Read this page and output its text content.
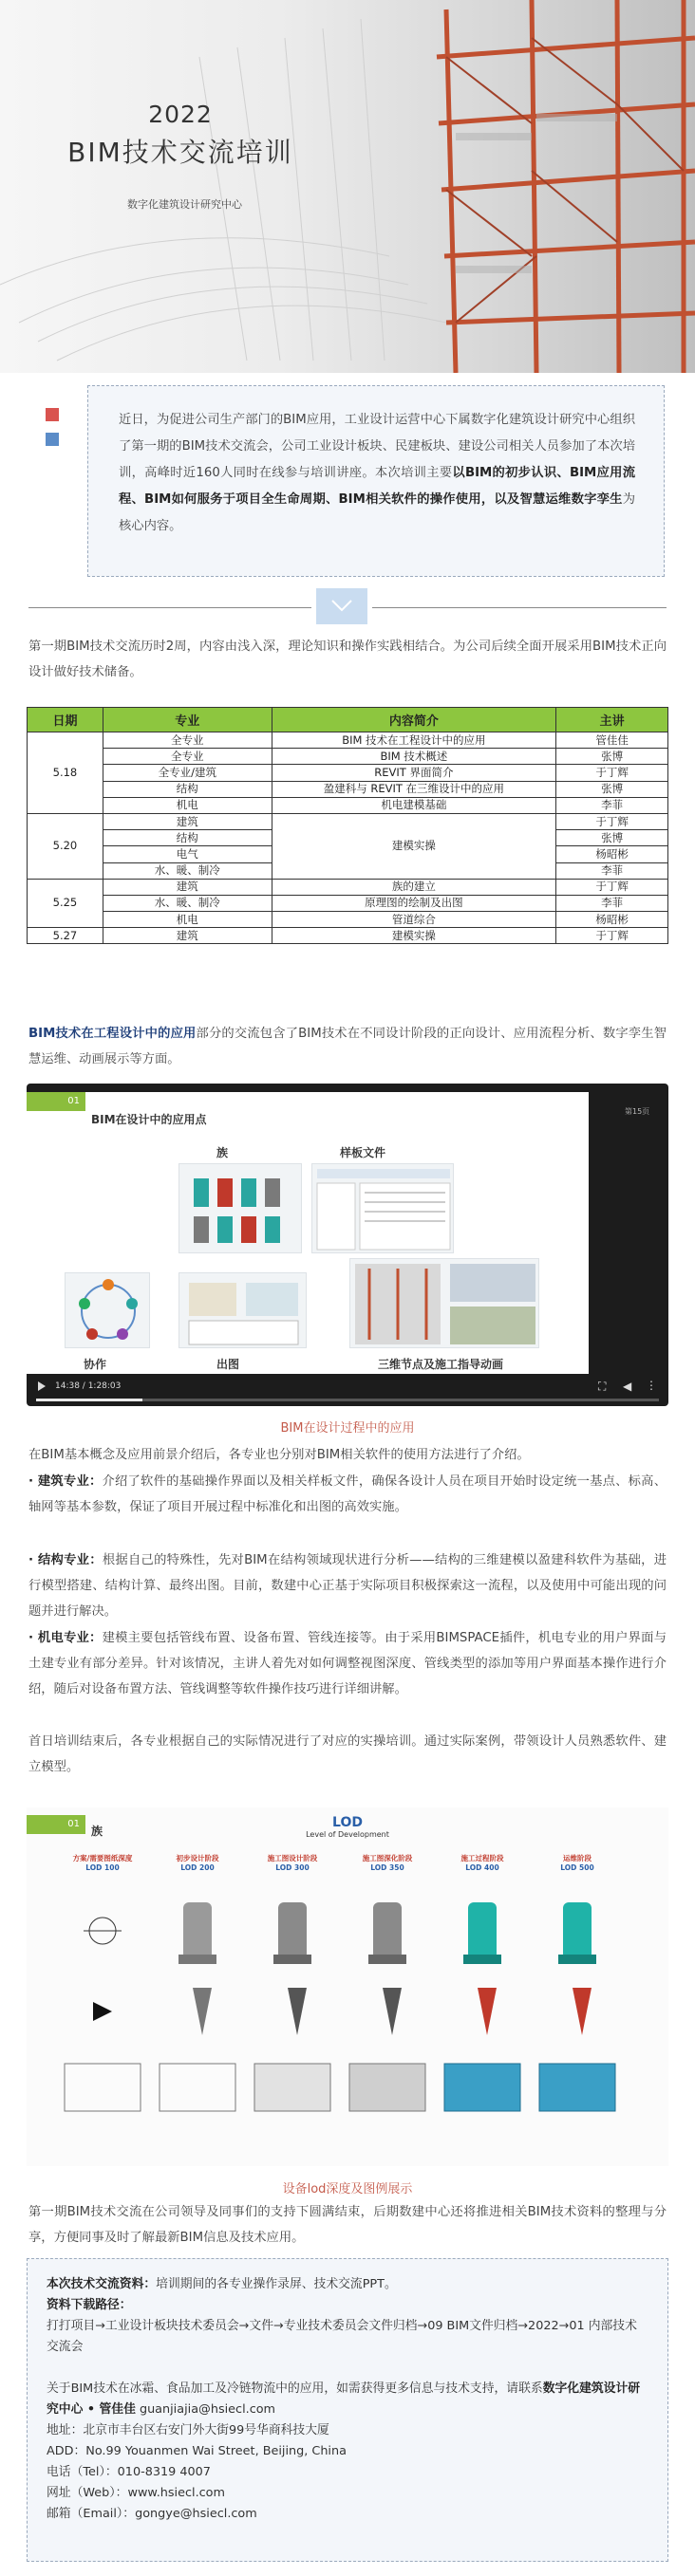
2022
BIM技术交流培训
数字化建筑设计研究中心
近日，为促进公司生产部门的BIM应用，工业设计运营中心下属数字化建筑设计研究中心组织了第一期的BIM技术交流会，公司工业设计板块、民建板块、建设公司相关人员参加了本次培训，高峰时近160人同时在线参与培训讲座。本次培训主要以BIM的初步认识、BIM应用流程、BIM如何服务于项目全生命周期、BIM相关软件的操作使用，以及智慧运维数字孪生为核心内容。
第一期BIM技术交流历时2周，内容由浅入深，理论知识和操作实践相结合。为公司后续全面开展采用BIM技术正向设计做好技术储备。
日期	专业	内容简介	主讲
5.18	全专业	BIM 技术在工程设计中的应用	管佳佳
	全专业	BIM 技术概述	张博
	全专业/建筑	REVIT 界面简介	于丁辉
	结构	盈建科与 REVIT 在三维设计中的应用	张博
	机电	机电建模基础	李菲
5.20	建筑	建模实操	于丁辉
	结构		张博
	电气		杨昭彬
	水、暖、制冷		李菲
5.25	建筑	族的建立	于丁辉
	水、暖、制冷	原理图的绘制及出图	李菲
	机电	管道综合	杨昭彬
5.27	建筑	建模实操	于丁辉
BIM技术在工程设计中的应用部分的交流包含了BIM技术在不同设计阶段的正向设计、应用流程分析、数字孪生智慧运维、动画展示等方面。
01
BIM在设计中的应用点
族	样板文件
协作	出图	三维节点及施工指导动画
第15页
14:38 / 1:28:03	⛶ ◀ ⋮
BIM在设计过程中的应用
在BIM基本概念及应用前景介绍后，各专业也分别对BIM相关软件的使用方法进行了介绍。
· 建筑专业：介绍了软件的基础操作界面以及相关样板文件，确保各设计人员在项目开始时设定统一基点、标高、轴网等基本参数，保证了项目开展过程中标准化和出图的高效实施。
· 结构专业：根据自己的特殊性，先对BIM在结构领域现状进行分析——结构的三维建模以盈建科软件为基础，进行模型搭建、结构计算、最终出图。目前，数建中心正基于实际项目积极探索这一流程，以及使用中可能出现的问题并进行解决。
· 机电专业：建模主要包括管线布置、设备布置、管线连接等。由于采用BIMSPACE插件，机电专业的用户界面与土建专业有部分差异。针对该情况，主讲人着先对如何调整视图深度、管线类型的添加等用户界面基本操作进行介绍，随后对设备布置方法、管线调整等软件操作技巧进行详细讲解。
首日培训结束后，各专业根据自己的实际情况进行了对应的实操培训。通过实际案例，带领设计人员熟悉软件、建立模型。
01
族
LOD
Level of Development
方案/需要图纸深度
LOD 100
初步设计阶段
LOD 200
施工图设计阶段
LOD 300
施工图深化阶段
LOD 350
施工过程阶段
LOD 400
运维阶段
LOD 500
设备lod深度及图例展示
第一期BIM技术交流在公司领导及同事们的支持下圆满结束，后期数建中心还将推进相关BIM技术资料的整理与分享，方便同事及时了解最新BIM信息及技术应用。
本次技术交流资料：培训期间的各专业操作录屏、技术交流PPT。
资料下载路径：
打打项目→工业设计板块技术委员会→文件→专业技术委员会文件归档→09 BIM文件归档→2022→01 内部技术交流会
关于BIM技术在冰霜、食品加工及冷链物流中的应用，如需获得更多信息与技术支持，请联系数字化建筑设计研究中心 • 管佳佳 guanjiajia@hsiecl.com
地址：北京市丰台区右安门外大街99号华商科技大厦
ADD：No.99 Youanmen Wai Street, Beijing, China
电话（Tel）：010-8319 4007
网址（Web）：www.hsiecl.com
邮箱（Email）：gongye@hsiecl.com
